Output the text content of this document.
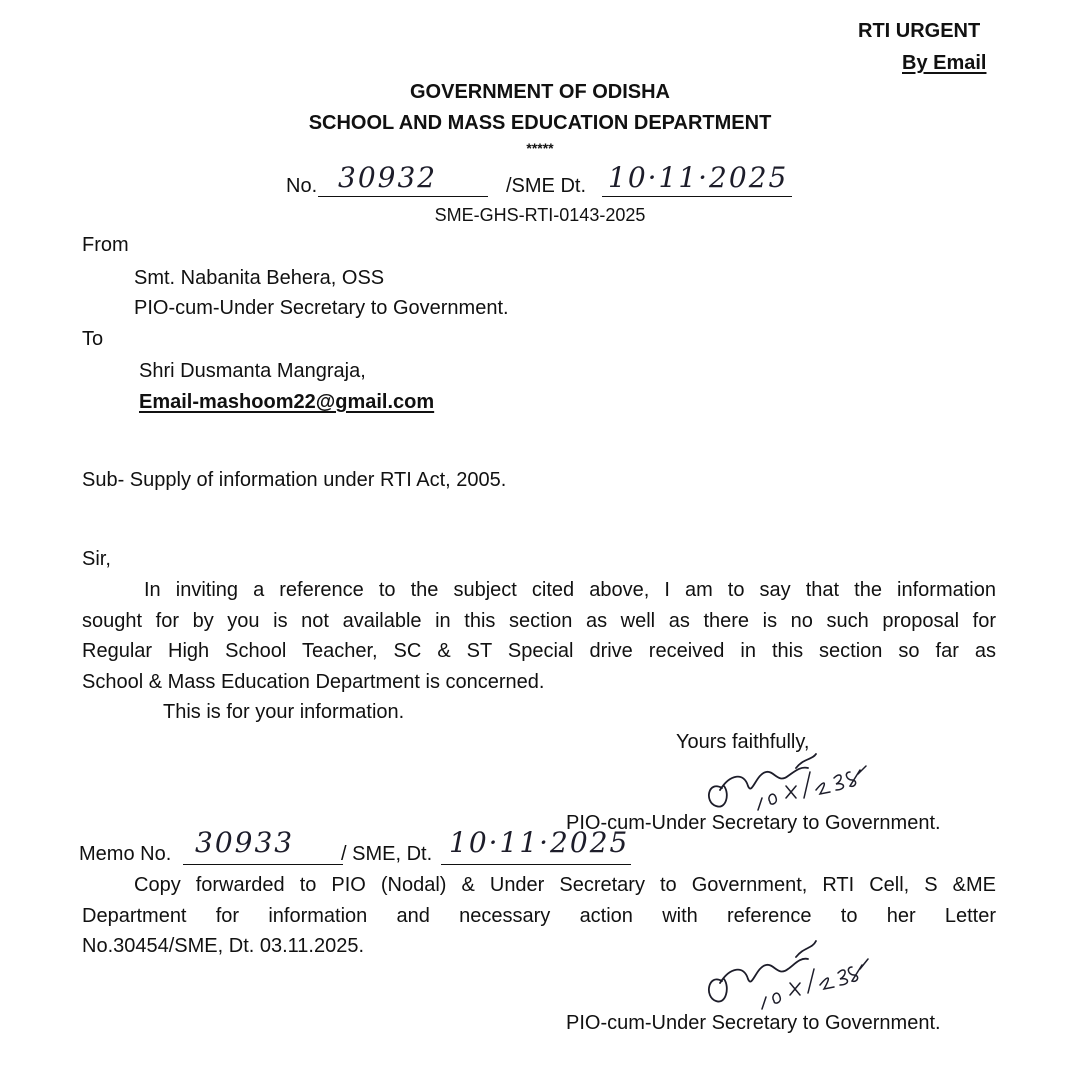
RTI URGENT
By Email
GOVERNMENT OF ODISHA
SCHOOL AND MASS EDUCATION DEPARTMENT
*****
No. 30932	/SME Dt. 10·11·2025
SME-GHS-RTI-0143-2025
From
Smt. Nabanita Behera, OSS
PIO-cum-Under Secretary to Government.
To
Shri Dusmanta Mangraja,
Email-mashoom22@gmail.com
Sub- Supply of information under RTI Act, 2005.
Sir,
In inviting a reference to the subject cited above, I am to say that the information
sought for by you is not available in this section as well as there is no such proposal for
Regular High School Teacher, SC & ST Special drive received in this section so far as
School & Mass Education Department is concerned.
This is for your information.
Yours faithfully,
PIO-cum-Under Secretary to Government.
Memo No. 30933 / SME, Dt. 10·11·2025
Copy forwarded to PIO (Nodal) & Under Secretary to Government, RTI Cell, S &ME
Department for information and necessary action with reference to her Letter
No.30454/SME, Dt. 03.11.2025.
PIO-cum-Under Secretary to Government.
